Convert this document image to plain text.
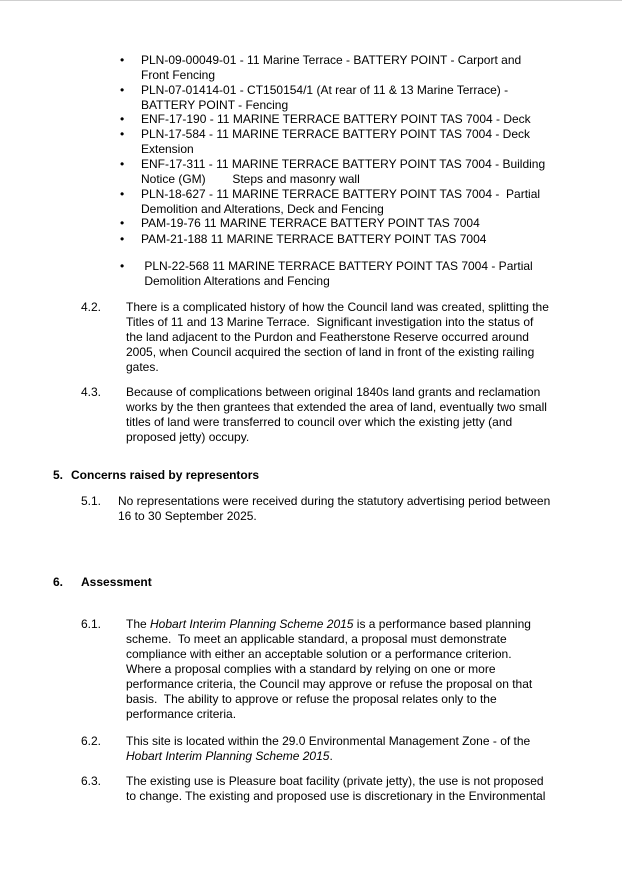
•	PLN-09-00049-01 - 11 Marine Terrace - BATTERY POINT - Carport and
Front Fencing
•	PLN-07-01414-01 - CT150154/1 (At rear of 11 & 13 Marine Terrace) -
BATTERY POINT - Fencing
•	ENF-17-190 - 11 MARINE TERRACE BATTERY POINT TAS 7004 - Deck
•	PLN-17-584 - 11 MARINE TERRACE BATTERY POINT TAS 7004 - Deck
Extension
•	ENF-17-311 - 11 MARINE TERRACE BATTERY POINT TAS 7004 - Building
Notice (GM)        Steps and masonry wall
•	PLN-18-627 - 11 MARINE TERRACE BATTERY POINT TAS 7004 -  Partial
Demolition and Alterations, Deck and Fencing
•	PAM-19-76 11 MARINE TERRACE BATTERY POINT TAS 7004
•	PAM-21-188 11 MARINE TERRACE BATTERY POINT TAS 7004
•	PLN-22-568 11 MARINE TERRACE BATTERY POINT TAS 7004 - Partial
Demolition Alterations and Fencing
4.2. There is a complicated history of how the Council land was created, splitting the
Titles of 11 and 13 Marine Terrace.  Significant investigation into the status of
the land adjacent to the Purdon and Featherstone Reserve occurred around
2005, when Council acquired the section of land in front of the existing railing
gates.
4.3. Because of complications between original 1840s land grants and reclamation
works by the then grantees that extended the area of land, eventually two small
titles of land were transferred to council over which the existing jetty (and
proposed jetty) occupy.
5. Concerns raised by representors
5.1. No representations were received during the statutory advertising period between
16 to 30 September 2025.
6. Assessment
6.1. The Hobart Interim Planning Scheme 2015 is a performance based planning
scheme.  To meet an applicable standard, a proposal must demonstrate
compliance with either an acceptable solution or a performance criterion.
Where a proposal complies with a standard by relying on one or more
performance criteria, the Council may approve or refuse the proposal on that
basis.  The ability to approve or refuse the proposal relates only to the
performance criteria.
6.2. This site is located within the 29.0 Environmental Management Zone - of the
Hobart Interim Planning Scheme 2015.
6.3. The existing use is Pleasure boat facility (private jetty), the use is not proposed
to change. The existing and proposed use is discretionary in the Environmental
